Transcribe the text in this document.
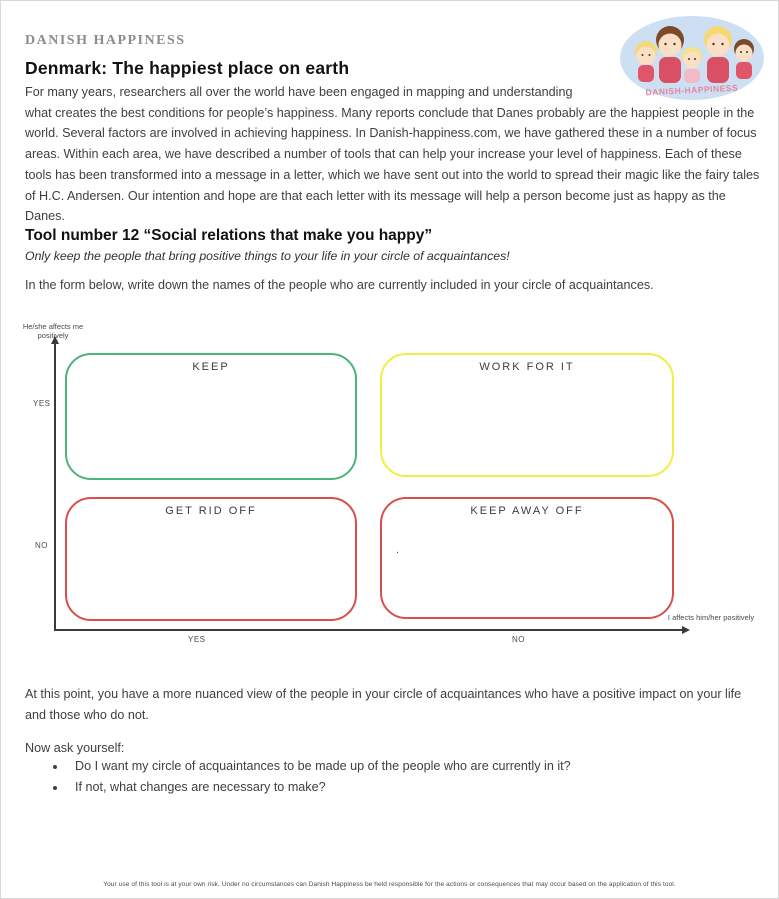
DANISH HAPPINESS
DANISH-HAPPINESS
Denmark: The happiest place on earth

For many years, researchers all over the world have been engaged in mapping and understanding what creates the best conditions for people’s happiness. Many reports conclude that Danes probably are the happiest people in the world. Several factors are involved in achieving happiness. In Danish-happiness.com, we have gathered these in a number of focus areas. Within each area, we have described a number of tools that can help your increase your level of happiness. Each of these tools has been transformed into a message in a letter, which we have sent out into the world to spread their magic like the fairy tales of H.C. Andersen. Our intention and hope are that each letter with its message will help a person become just as happy as the Danes.

Tool number 12 “Social relations that make you happy”

Only keep the people that bring positive things to your life in your circle of acquaintances!

In the form below, write down the names of the people who are currently included in your circle of acquaintances.

He/she affects me positively
I affects him/her positively
YES
NO
YES	NO
KEEP	WORK FOR IT
GET RID OFF	KEEP AWAY OFF
.

At this point, you have a more nuanced view of the people in your circle of acquaintances who have a positive impact on your life and those who do not.

Now ask yourself:

• Do I want my circle of acquaintances to be made up of the people who are currently in it?
• If not, what changes are necessary to make?
Your use of this tool is at your own risk. Under no circumstances can Danish Happiness be held responsible for the actions or consequences that may occur based on the application of this tool.
